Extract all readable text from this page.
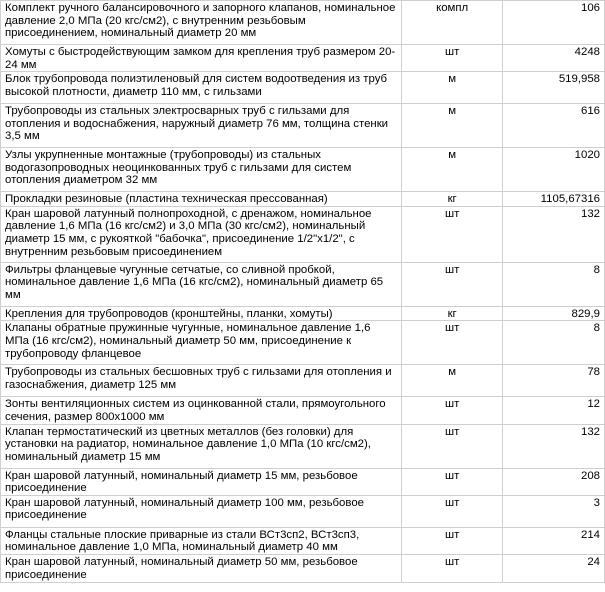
Комплект ручного балансировочного и запорного клапанов, номинальное давление 2,0 МПа (20 кгс/см2), с внутренним резьбовым присоединением, номинальный диаметр 20 мм	компл	106
Хомуты с быстродействующим замком для крепления труб размером 20-24 мм	шт	4248
Блок трубопровода полиэтиленовый для систем водоотведения из труб высокой плотности, диаметр 110 мм, с гильзами	м	519,958
Трубопроводы из стальных электросварных труб с гильзами для отопления и водоснабжения, наружный диаметр 76 мм, толщина стенки 3,5 мм	м	616
Узлы укрупненные монтажные (трубопроводы) из стальных водогазопроводных неоцинкованных труб с гильзами для систем отопления диаметром 32 мм	м	1020
Прокладки резиновые (пластина техническая прессованная)	кг	1105,67316
Кран шаровой латунный полнопроходной, с дренажом, номинальное давление 1,6 МПа (16 кгс/см2) и 3,0 МПа (30 кгс/см2), номинальный диаметр 15 мм, с рукояткой "бабочка", присоединение 1/2"х1/2", с внутренним резьбовым присоединением	шт	132
Фильтры фланцевые чугунные сетчатые, со сливной пробкой, номинальное давление 1,6 МПа (16 кгс/см2), номинальный диаметр 65 мм	шт	8
Крепления для трубопроводов (кронштейны, планки, хомуты)	кг	829,9
Клапаны обратные пружинные чугунные, номинальное давление 1,6 МПа (16 кгс/см2), номинальный диаметр 50 мм, присоединение к трубопроводу фланцевое	шт	8
Трубопроводы из стальных бесшовных труб с гильзами для отопления и газоснабжения, диаметр 125 мм	м	78
Зонты вентиляционных систем из оцинкованной стали, прямоугольного сечения, размер 800х1000 мм	шт	12
Клапан термостатический из цветных металлов (без головки) для установки на радиатор, номинальное давление 1,0 МПа (10 кгс/см2), номинальный диаметр 15 мм	шт	132
Кран шаровой латунный, номинальный диаметр 15 мм, резьбовое присоединение	шт	208
Кран шаровой латунный, номинальный диаметр 100 мм, резьбовое присоединение	шт	3
Фланцы стальные плоские приварные из стали ВСт3сп2, ВСт3сп3, номинальное давление 1,0 МПа, номинальный диаметр 40 мм	шт	214
Кран шаровой латунный, номинальный диаметр 50 мм, резьбовое присоединение	шт	24
